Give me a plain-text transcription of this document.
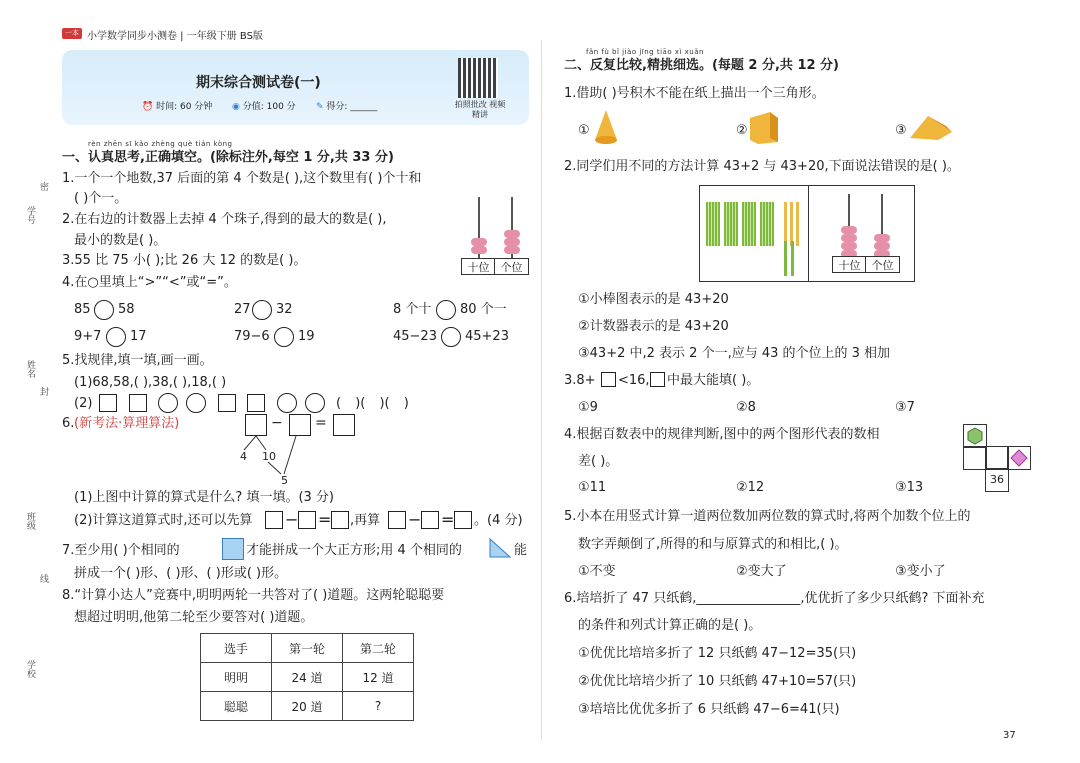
一本 小学数学同步小测卷 | 一年级下册 BS版
期末综合测试卷(一)
⏰ 时间: 60 分钟 ◉ 分值: 100 分 ✎ 得分: ______	拍照批改 视频精讲
密
学号
姓名
封
班级
线
学校
rèn zhēn sī kǎo zhèng què tián kòng
一、认真思考,正确填空。(除标注外,每空 1 分,共 33 分)
1.一个一个地数,37 后面的第 4 个数是( ),这个数里有( )个十和
( )个一。
2.在右边的计数器上去掉 4 个珠子,得到的最大的数是( ),
最小的数是( )。
十位	个位
3.55 比 75 小( );比 26 大 12 的数是( )。
4.在○里填上“>”“<”或“=”。
85 58	27 32	8 个十 80 个一
9+7 17	79−6 19	45−23 45+23
5.找规律,填一填,画一画。
(1)68,58,( ),38,( ),18,( )
(2)	( )( )( )
6. (新考法·算理算法)	− =
4 10
5
(1)上图中计算的算式是什么? 填一填。(3 分)
(2)计算这道算式时,还可以先算 − =	− =
,再算	。(4 分)
7.至少用( )个相同的	才能拼成一个大正方形;用 4 个相同的	能
拼成一个( )形、( )形、( )形或( )形。
8.“计算小达人”竞赛中,明明两轮一共答对了( )道题。这两轮聪聪要
想超过明明,他第二轮至少要答对( )道题。
选手	第一轮	第二轮
明明	24 道	12 道
聪聪	20 道	?
fǎn fù bǐ jiào jīng tiāo xì xuǎn
二、反复比较,精挑细选。(每题 2 分,共 12 分)
1.借助( )号积木不能在纸上描出一个三角形。
①	②	③
2.同学们用不同的方法计算 43+2 与 43+20,下面说法错误的是( )。
十位	个位
①小棒图表示的是 43+20
②计数器表示的是 43+20
③43+2 中,2 表示 2 个一,应与 43 的个位上的 3 相加
3.8+ <16, 中最大能填( )。
①9	②8	③7
4.根据百数表中的规律判断,图中的两个图形代表的数相
差( )。
36
①11	②12	③13
5.小本在用竖式计算一道两位数加两位数的算式时,将两个加数个位上的
数字弄颠倒了,所得的和与原算式的和相比,( )。
①不变	②变大了	③变小了
6.培培折了 47 只纸鹤,________________,优优折了多少只纸鹤? 下面补充
的条件和列式计算正确的是( )。
①优优比培培多折了 12 只纸鹤 47−12=35(只)
②优优比培培少折了 10 只纸鹤 47+10=57(只)
③培培比优优多折了 6 只纸鹤 47−6=41(只)
37
